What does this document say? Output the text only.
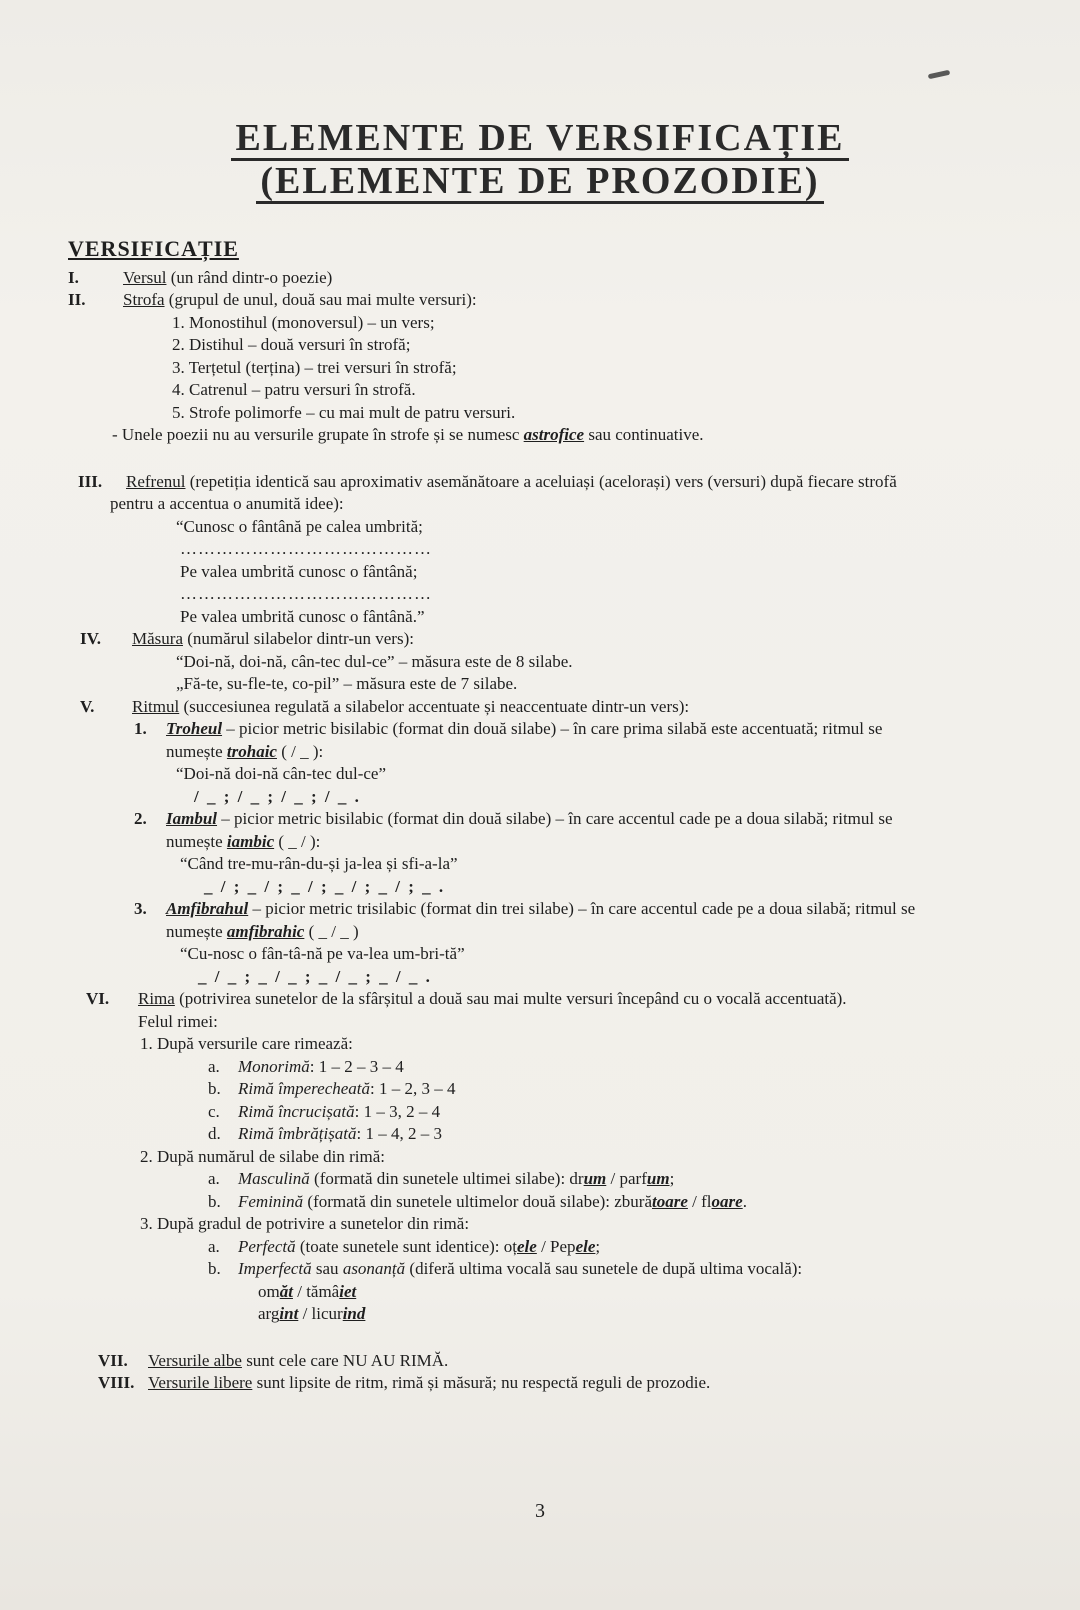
ELEMENTE DE VERSIFICAȚIE
(ELEMENTE DE PROZODIE)
VERSIFICAȚIE
I.	Versul (un rând dintr-o poezie)
II. Strofa (grupul de unul, două sau mai multe versuri):
1. Monostihul (monoversul) – un vers;
2. Distihul – două versuri în strofă;
3. Terțetul (terțina) – trei versuri în strofă;
4. Catrenul – patru versuri în strofă.
5. Strofe polimorfe – cu mai mult de patru versuri.
- Unele poezii nu au versurile grupate în strofe și se numesc astrofice sau continuative.
III. Refrenul (repetiția identică sau aproximativ asemănătoare a aceluiași (acelorași) vers (versuri) după fiecare strofă
pentru a accentua o anumită idee):
“Cunosc o fântână pe calea umbrită;
……………………………………
Pe valea umbrită cunosc o fântână;
……………………………………
Pe valea umbrită cunosc o fântână.”
IV. Măsura (numărul silabelor dintr-un vers):
“Doi-nă, doi-nă, cân-tec dul-ce” – măsura este de 8 silabe.
„Fă-te, su-fle-te, co-pil” – măsura este de 7 silabe.
V. Ritmul (succesiunea regulată a silabelor accentuate și neaccentuate dintr-un vers):
1. Troheul – picior metric bisilabic (format din două silabe) – în care prima silabă este accentuată; ritmul se
numește trohaic ( / _ ):
“Doi-nă doi-nă cân-tec dul-ce”
/ _ ; / _ ; / _ ; / _ .
2. Iambul – picior metric bisilabic (format din două silabe) – în care accentul cade pe a doua silabă; ritmul se
numește iambic ( _ / ):
“Când tre-mu-rân-du-și ja-lea și sfi-a-la”
_ / ; _ / ; _ / ; _ / ; _ / ; _ .
3. Amfibrahul – picior metric trisilabic (format din trei silabe) – în care accentul cade pe a doua silabă; ritmul se
numește amfibrahic ( _ / _ )
“Cu-nosc o fân-tâ-nă pe va-lea um-bri-tă”
_ / _ ; _ / _ ; _ / _ ; _ / _ .
VI. Rima (potrivirea sunetelor de la sfârșitul a două sau mai multe versuri începând cu o vocală accentuată).
Felul rimei:
1. După versurile care rimează:
a. Monorimă: 1 – 2 – 3 – 4
b. Rimă împerecheată: 1 – 2, 3 – 4
c. Rimă încrucișată: 1 – 3, 2 – 4
d. Rimă îmbrățișată: 1 – 4, 2 – 3
2. După numărul de silabe din rimă:
a. Masculină (formată din sunetele ultimei silabe): drum / parfum;
b. Feminină (formată din sunetele ultimelor două silabe): zburătoare / floare.
3. După gradul de potrivire a sunetelor din rimă:
a. Perfectă (toate sunetele sunt identice): oțele / Pepele;
b. Imperfectă sau asonanță (diferă ultima vocală sau sunetele de după ultima vocală):
omăt / tămâiet
argint / licurind
VII. Versurile albe sunt cele care NU AU RIMĂ.
VIII. Versurile libere sunt lipsite de ritm, rimă și măsură; nu respectă reguli de prozodie.
3
